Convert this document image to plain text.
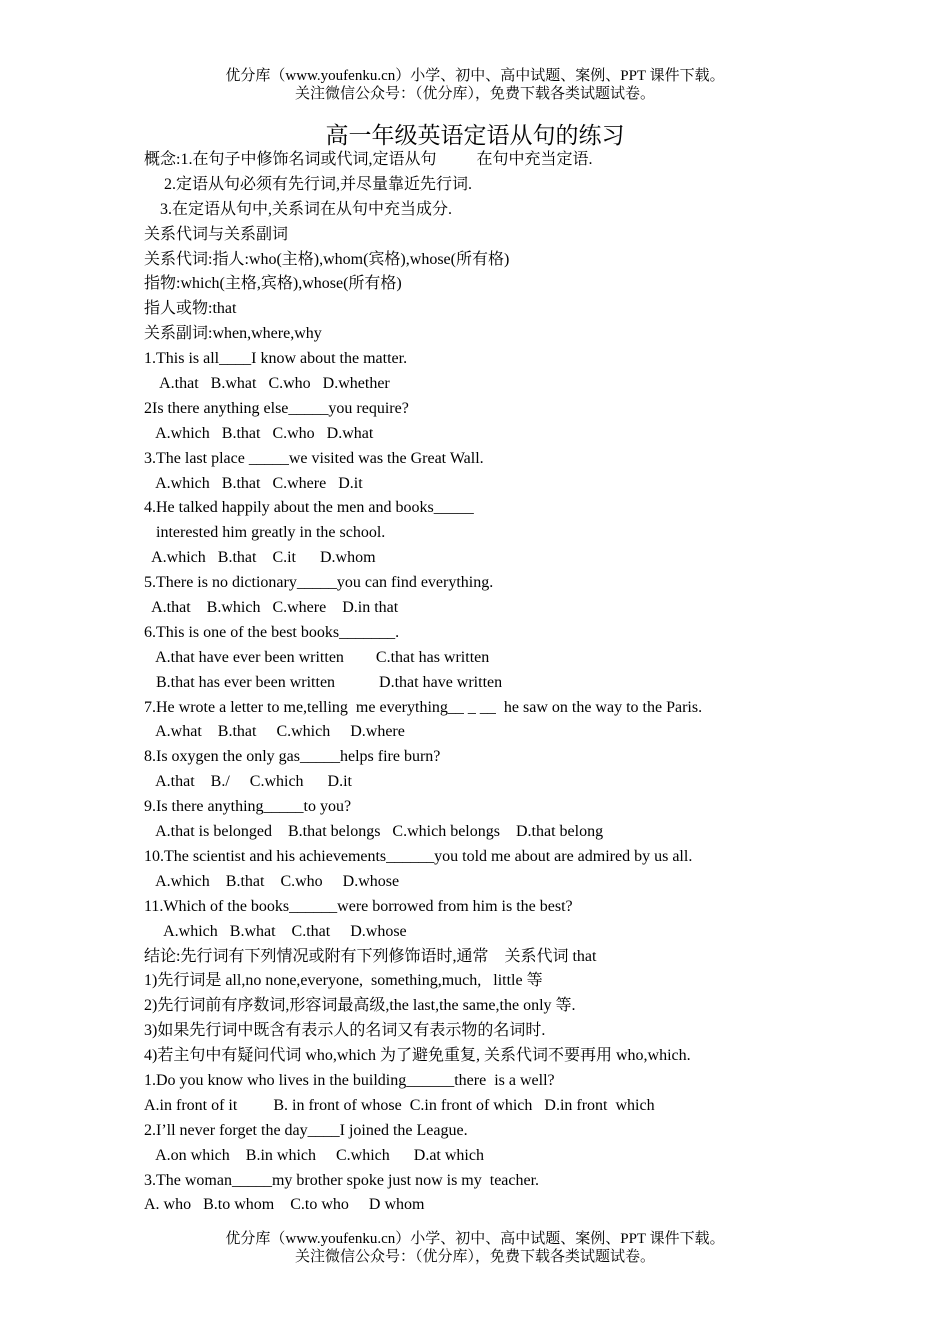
优分库（www.youfenku.cn）小学、初中、高中试题、案例、PPT 课件下载。
关注微信公众号：（优分库），免费下载各类试题试卷。
高一年级英语定语从句的练习
概念:1.在句子中修饰名词或代词,定语从句          在句中充当定语.
2.定语从句必须有先行词,并尽量靠近先行词.
3.在定语从句中,关系词在从句中充当成分.
关系代词与关系副词
关系代词:指人:who(主格),whom(宾格),whose(所有格)
指物:which(主格,宾格),whose(所有格)
指人或物:that
关系副词:when,where,why
1.This is all____I know about the matter.
A.that   B.what   C.who   D.whether
2Is there anything else_____you require?
A.which   B.that   C.who   D.what
3.The last place _____we visited was the Great Wall.
A.which   B.that   C.where   D.it
4.He talked happily about the men and books_____
interested him greatly in the school.
A.which   B.that    C.it      D.whom
5.There is no dictionary_____you can find everything.
A.that    B.which   C.where    D.in that
6.This is one of the best books_______.
A.that have ever been written        C.that has written
B.that has ever been written           D.that have written
7.He wrote a letter to me,telling  me everything__ _ __  he saw on the way to the Paris.
A.what    B.that     C.which     D.where
8.Is oxygen the only gas_____helps fire burn?
A.that    B./     C.which      D.it
9.Is there anything_____to you?
A.that is belonged    B.that belongs   C.which belongs    D.that belong
10.The scientist and his achievements______you told me about are admired by us all.
A.which    B.that    C.who     D.whose
11.Which of the books______were borrowed from him is the best?
A.which   B.what    C.that     D.whose
结论:先行词有下列情况或附有下列修饰语时,通常    关系代词 that
1)先行词是 all,no none,everyone,  something,much,   little 等
2)先行词前有序数词,形容词最高级,the last,the same,the only 等.
3)如果先行词中既含有表示人的名词又有表示物的名词时.
4)若主句中有疑问代词 who,which 为了避免重复, 关系代词不要再用 who,which.
1.Do you know who lives in the building______there  is a well?
A.in front of it         B. in front of whose  C.in front of which   D.in front  which
2.I’ll never forget the day____I joined the League.
A.on which    B.in which     C.which      D.at which
3.The woman_____my brother spoke just now is my  teacher.
A. who   B.to whom    C.to who     D whom
优分库（www.youfenku.cn）小学、初中、高中试题、案例、PPT 课件下载。
关注微信公众号：（优分库），免费下载各类试题试卷。
